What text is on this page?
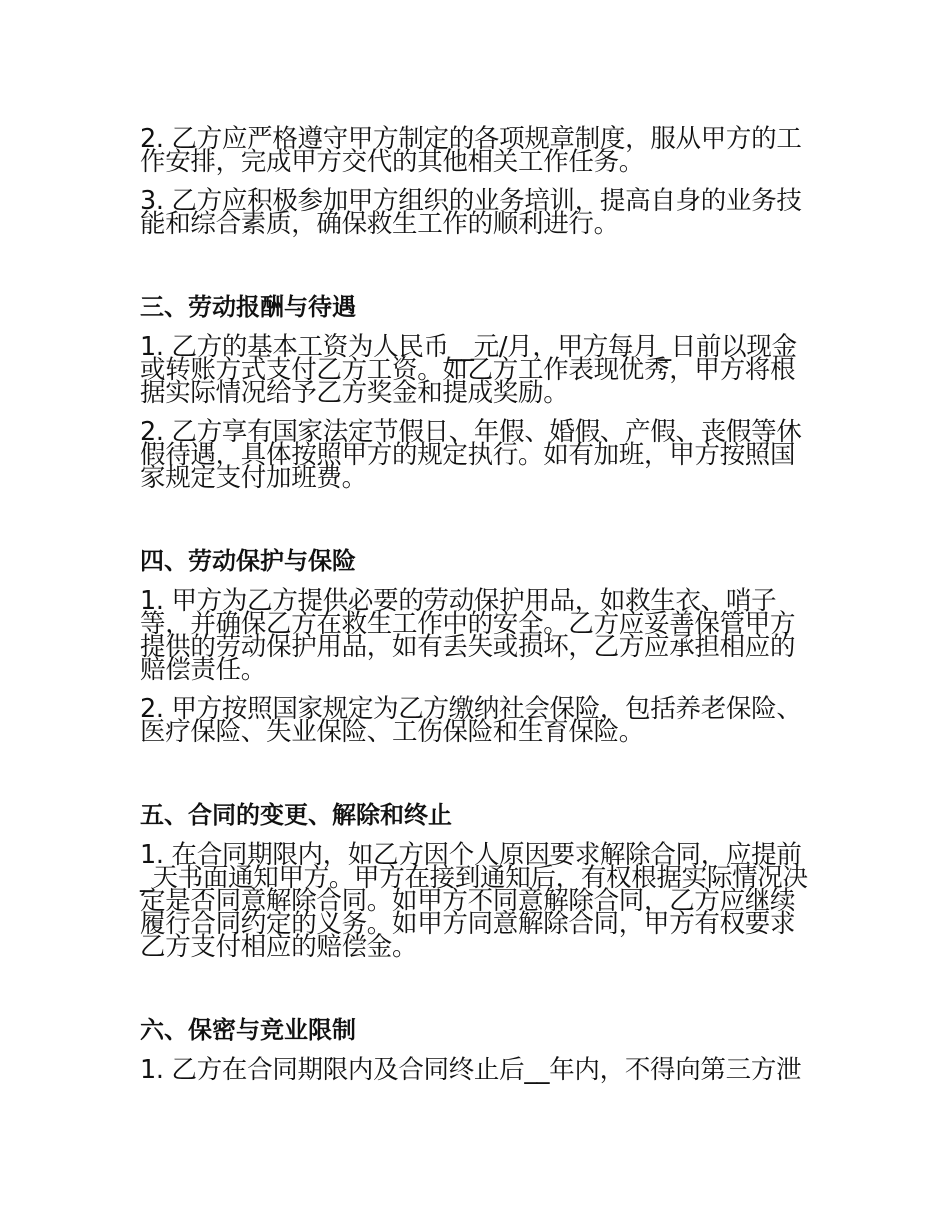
2. 乙方应严格遵守甲方制定的各项规章制度，服从甲方的工作安排，完成甲方交代的其他相关工作任务。

3. 乙方应积极参加甲方组织的业务培训，提高自身的业务技能和综合素质，确保救生工作的顺利进行。

三、劳动报酬与待遇

1. 乙方的基本工资为人民币__元/月，甲方每月_日前以现金或转账方式支付乙方工资。如乙方工作表现优秀，甲方将根据实际情况给予乙方奖金和提成奖励。

2. 乙方享有国家法定节假日、年假、婚假、产假、丧假等休假待遇，具体按照甲方的规定执行。如有加班，甲方按照国家规定支付加班费。

四、劳动保护与保险

1. 甲方为乙方提供必要的劳动保护用品，如救生衣、哨子等，并确保乙方在救生工作中的安全。乙方应妥善保管甲方提供的劳动保护用品，如有丢失或损坏，乙方应承担相应的赔偿责任。

2. 甲方按照国家规定为乙方缴纳社会保险，包括养老保险、医疗保险、失业保险、工伤保险和生育保险。

五、合同的变更、解除和终止

1. 在合同期限内，如乙方因个人原因要求解除合同，应提前_天书面通知甲方。甲方在接到通知后，有权根据实际情况决定是否同意解除合同。如甲方不同意解除合同，乙方应继续履行合同约定的义务。如甲方同意解除合同，甲方有权要求乙方支付相应的赔偿金。

六、保密与竞业限制

1. 乙方在合同期限内及合同终止后__年内，不得向第三方泄
